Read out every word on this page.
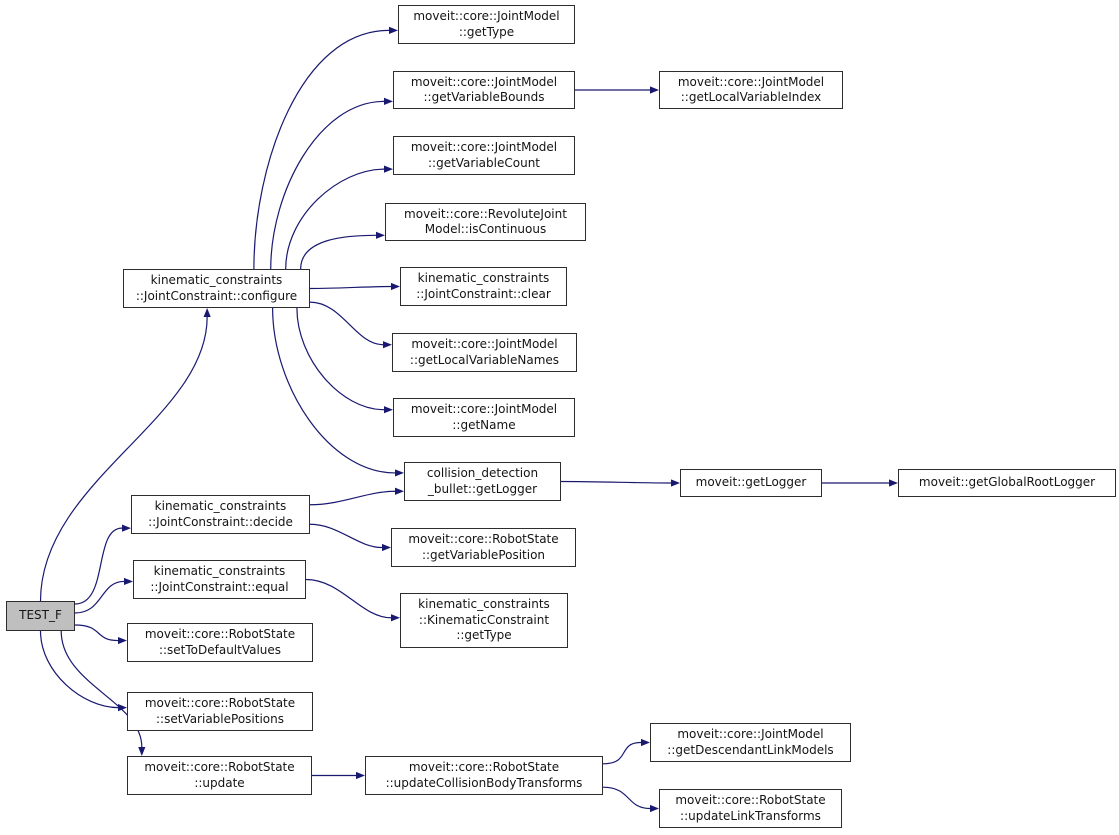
TEST_F
kinematic_constraints
::JointConstraint::configure
kinematic_constraints
::JointConstraint::decide
kinematic_constraints
::JointConstraint::equal
moveit::core::RobotState
::setToDefaultValues
moveit::core::RobotState
::setVariablePositions
moveit::core::RobotState
::update
moveit::core::JointModel
::getType
moveit::core::JointModel
::getVariableBounds
moveit::core::JointModel
::getVariableCount
moveit::core::RevoluteJoint
Model::isContinuous
kinematic_constraints
::JointConstraint::clear
moveit::core::JointModel
::getLocalVariableNames
moveit::core::JointModel
::getName
collision_detection
_bullet::getLogger
moveit::core::RobotState
::getVariablePosition
kinematic_constraints
::KinematicConstraint
::getType
moveit::core::RobotState
::updateCollisionBodyTransforms
moveit::core::JointModel
::getLocalVariableIndex
moveit::getLogger
moveit::core::JointModel
::getDescendantLinkModels
moveit::core::RobotState
::updateLinkTransforms
moveit::getGlobalRootLogger
